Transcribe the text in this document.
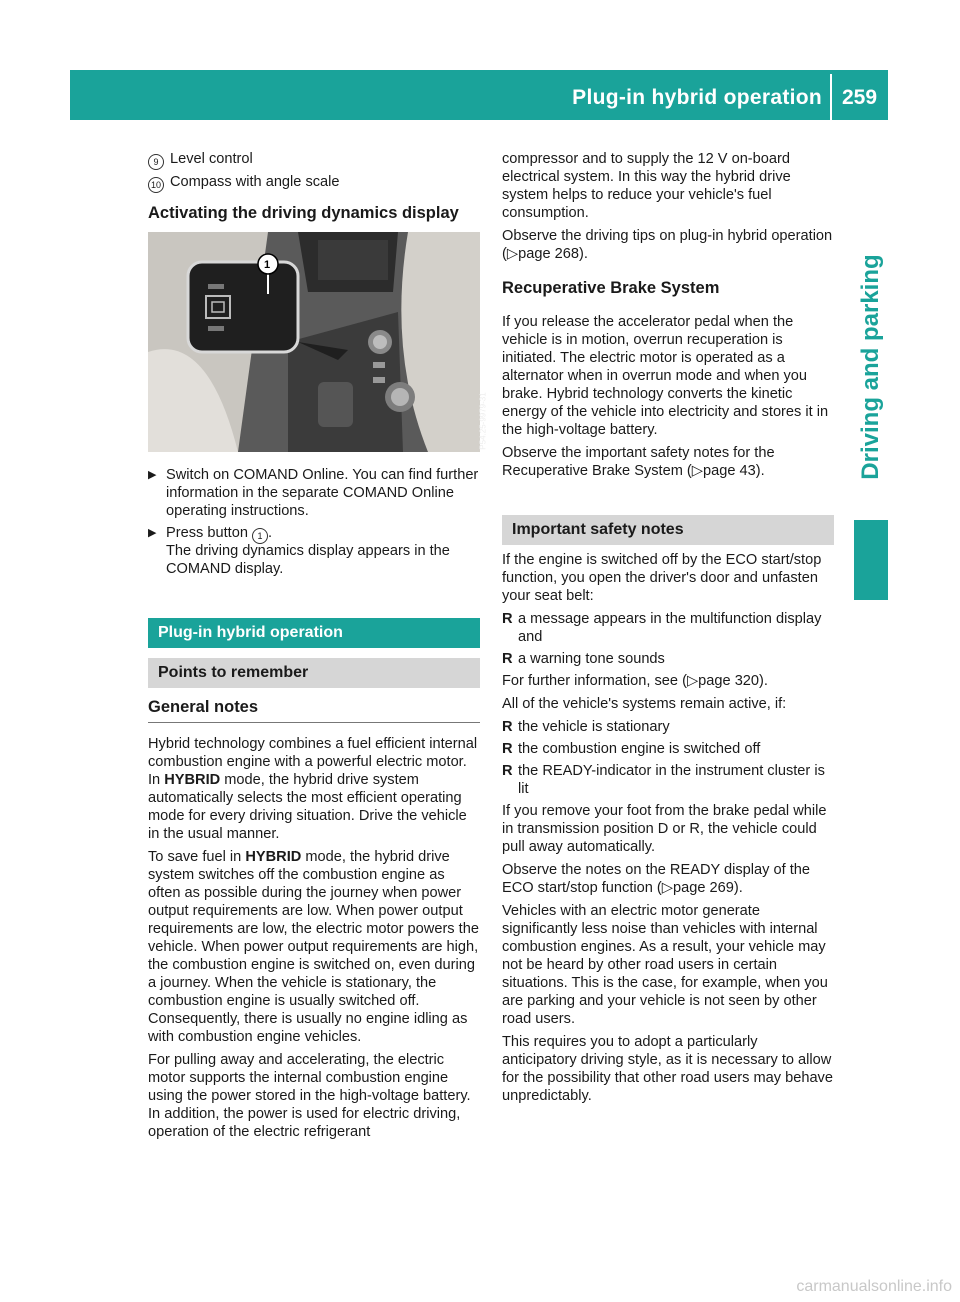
Plug-in hybrid operation 259
Driving and parking

9 Level control

10 Compass with angle scale

Activating the driving dynamics display
1
P54.25-9979-31
▶ Switch on COMAND Online. You can find further information in the separate COMAND Online operating instructions.
▶ Press button 1 .
The driving dynamics display appears in the COMAND display.
Plug-in hybrid operation
Points to remember
General notes

Hybrid technology combines a fuel efficient internal combustion engine with a powerful electric motor. In HYBRID mode, the hybrid drive system automatically selects the most efficient operating mode for every driving situation. Drive the vehicle in the usual manner.

To save fuel in HYBRID mode, the hybrid drive system switches off the combustion engine as often as possible during the journey when power output requirements are low. When power output requirements are low, the electric motor powers the vehicle. When power output requirements are high, the combustion engine is switched on, even during a journey. When the vehicle is stationary, the combustion engine is usually switched off. Consequently, there is usually no engine idling as with combustion engine vehicles.

For pulling away and accelerating, the electric motor supports the internal combustion engine using the power stored in the high-voltage battery. In addition, the power is used for electric driving, operation of the electric refrigerant

compressor and to supply the 12 V on-board electrical system. In this way the hybrid drive system helps to reduce your vehicle's fuel consumption.

Observe the driving tips on plug-in hybrid operation (▷page 268).

Recuperative Brake System

If you release the accelerator pedal when the vehicle is in motion, overrun recuperation is initiated. The electric motor is operated as a alternator when in overrun mode and when you brake. Hybrid technology converts the kinetic energy of the vehicle into electricity and stores it in the high-voltage battery.

Observe the important safety notes for the Recuperative Brake System (▷page 43).

Important safety notes

If the engine is switched off by the ECO start/stop function, you open the driver's door and unfasten your seat belt:

R a message appears in the multifunction display and
R a warning tone sounds

For further information, see (▷page 320).

All of the vehicle's systems remain active, if:

R the vehicle is stationary
R the combustion engine is switched off
R the READY-indicator in the instrument cluster is lit

If you remove your foot from the brake pedal while in transmission position D or R, the vehicle could pull away automatically.

Observe the notes on the READY display of the ECO start/stop function (▷page 269).

Vehicles with an electric motor generate significantly less noise than vehicles with internal combustion engines. As a result, your vehicle may not be heard by other road users in certain situations. This is the case, for example, when you are parking and your vehicle is not seen by other road users.

This requires you to adopt a particularly anticipatory driving style, as it is necessary to allow for the possibility that other road users may behave unpredictably.

carmanualsonline.info
